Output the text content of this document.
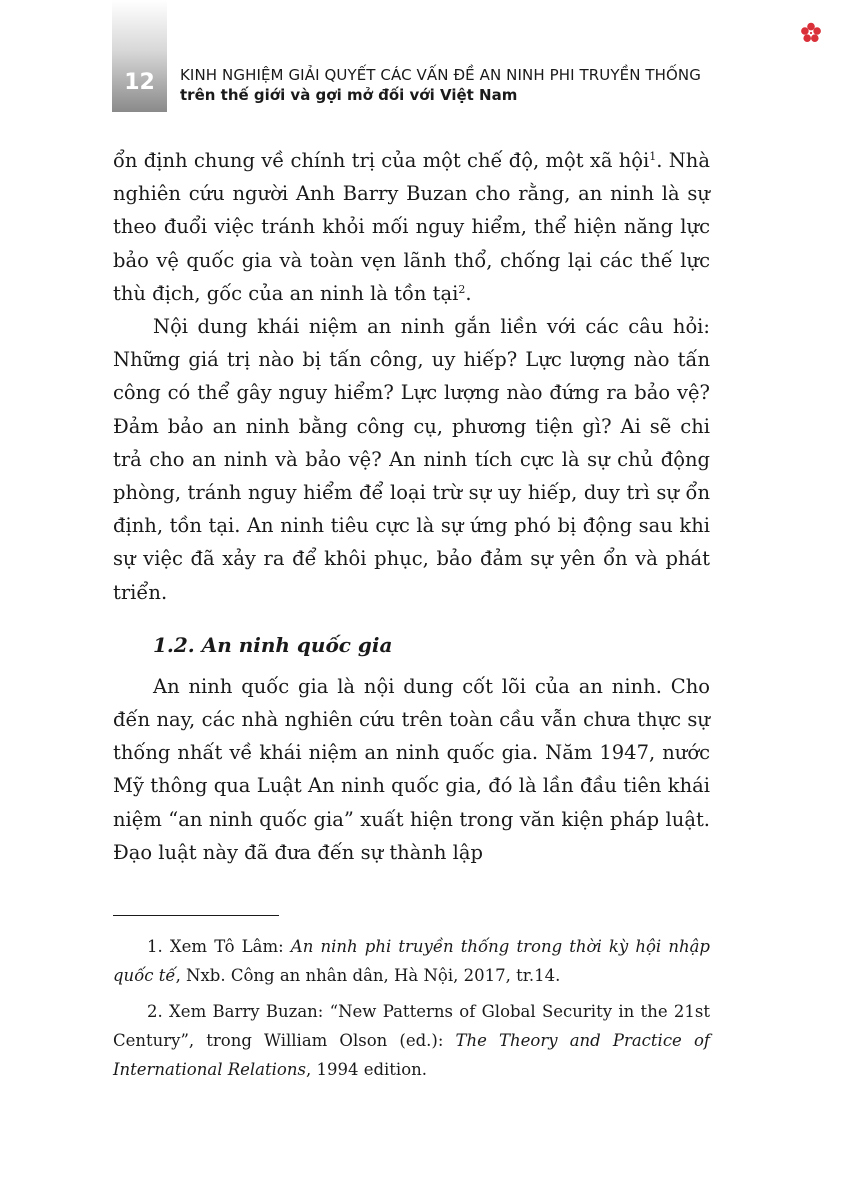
12	KINH NGHIỆM GIẢI QUYẾT CÁC VẤN ĐỀ AN NINH PHI TRUYỀN THỐNG
trên thế giới và gợi mở đối với Việt Nam

ổn định chung về chính trị của một chế độ, một xã hội$^1$. Nhà nghiên cứu người Anh Barry Buzan cho rằng, an ninh là sự theo đuổi việc tránh khỏi mối nguy hiểm, thể hiện năng lực bảo vệ quốc gia và toàn vẹn lãnh thổ, chống lại các thế lực thù địch, gốc của an ninh là tồn tại$^2$.

Nội dung khái niệm an ninh gắn liền với các câu hỏi: Những giá trị nào bị tấn công, uy hiếp? Lực lượng nào tấn công có thể gây nguy hiểm? Lực lượng nào đứng ra bảo vệ? Đảm bảo an ninh bằng công cụ, phương tiện gì? Ai sẽ chi trả cho an ninh và bảo vệ? An ninh tích cực là sự chủ động phòng, tránh nguy hiểm để loại trừ sự uy hiếp, duy trì sự ổn định, tồn tại. An ninh tiêu cực là sự ứng phó bị động sau khi sự việc đã xảy ra để khôi phục, bảo đảm sự yên ổn và phát triển.

1.2. An ninh quốc gia

An ninh quốc gia là nội dung cốt lõi của an ninh. Cho đến nay, các nhà nghiên cứu trên toàn cầu vẫn chưa thực sự thống nhất về khái niệm an ninh quốc gia. Năm 1947, nước Mỹ thông qua Luật An ninh quốc gia, đó là lần đầu tiên khái niệm “an ninh quốc gia” xuất hiện trong văn kiện pháp luật. Đạo luật này đã đưa đến sự thành lập

1. Xem Tô Lâm: An ninh phi truyền thống trong thời kỳ hội nhập quốc tế, Nxb. Công an nhân dân, Hà Nội, 2017, tr.14.

2. Xem Barry Buzan: “New Patterns of Global Security in the 21st Century”, trong William Olson (ed.): The Theory and Practice of International Relations, 1994 edition.
